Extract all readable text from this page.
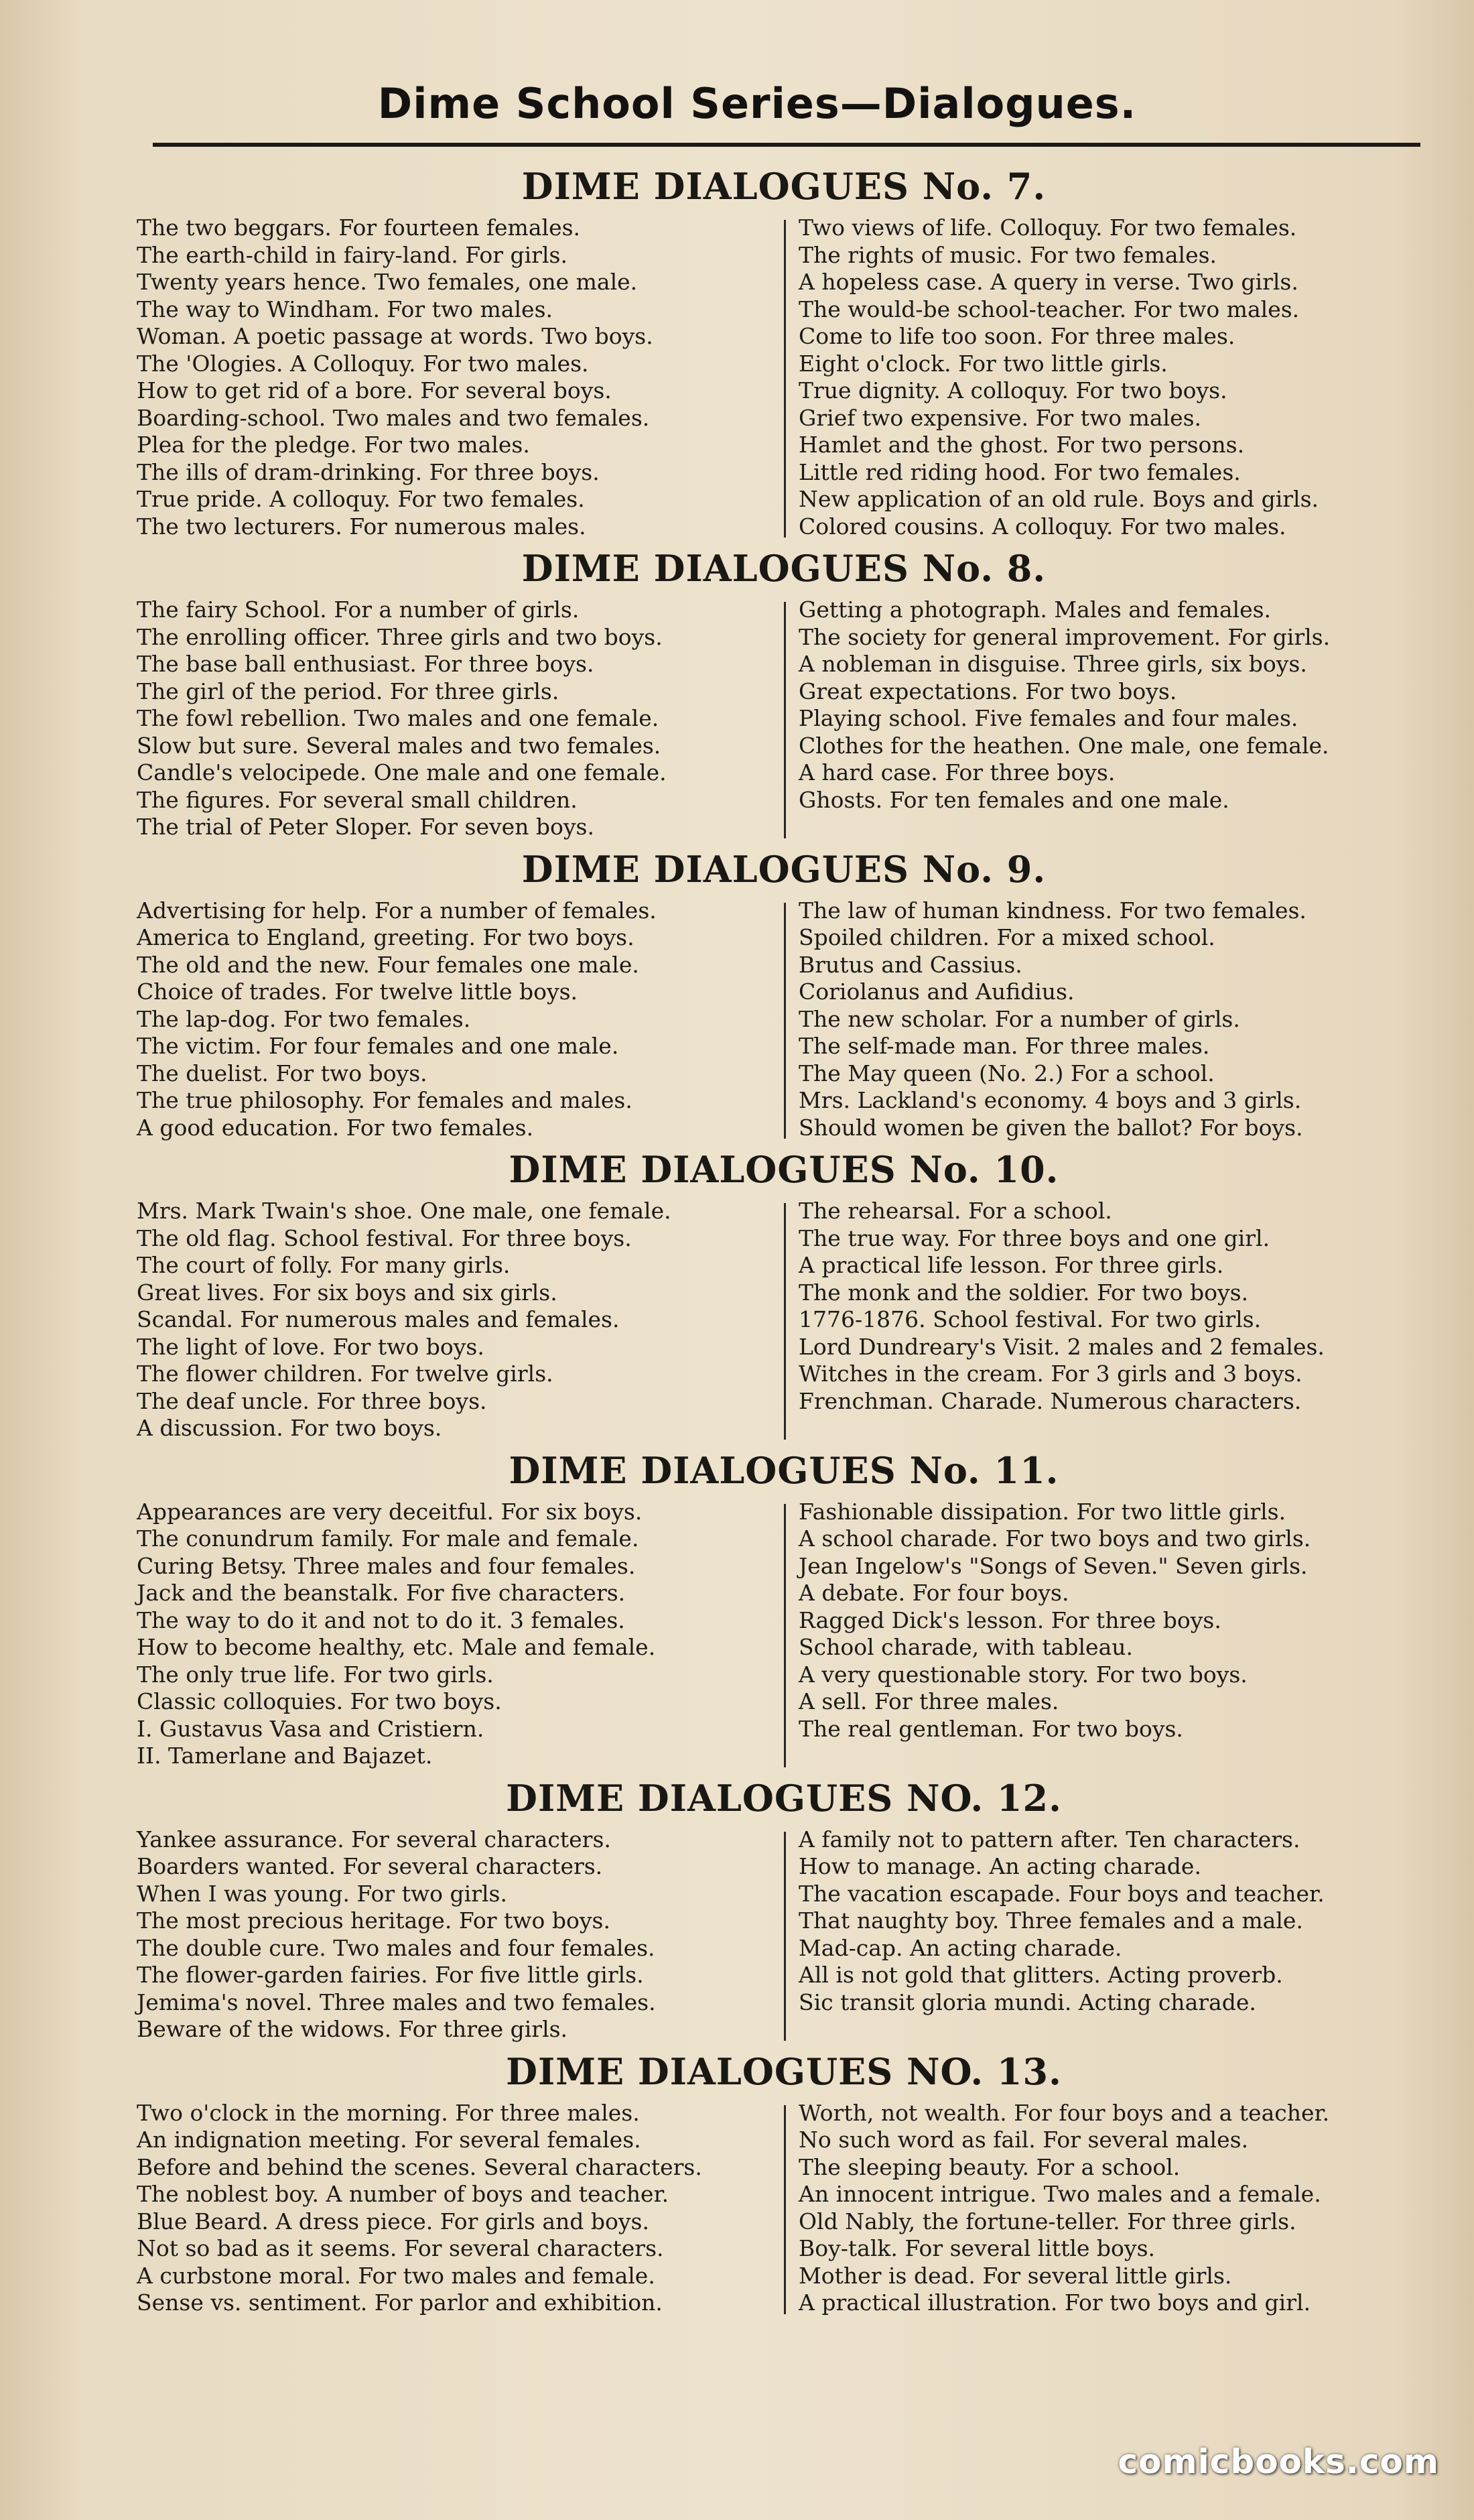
Dime School Series—Dialogues.
DIME DIALOGUES No. 7.
The two beggars. For fourteen females.
The earth-child in fairy-land. For girls.
Twenty years hence. Two females, one male.
The way to Windham. For two males.
Woman. A poetic passage at words. Two boys.
The 'Ologies. A Colloquy. For two males.
How to get rid of a bore. For several boys.
Boarding-school. Two males and two females.
Plea for the pledge. For two males.
The ills of dram-drinking. For three boys.
True pride. A colloquy. For two females.
The two lecturers. For numerous males.
Two views of life. Colloquy. For two females.
The rights of music. For two females.
A hopeless case. A query in verse. Two girls.
The would-be school-teacher. For two males.
Come to life too soon. For three males.
Eight o'clock. For two little girls.
True dignity. A colloquy. For two boys.
Grief two expensive. For two males.
Hamlet and the ghost. For two persons.
Little red riding hood. For two females.
New application of an old rule. Boys and girls.
Colored cousins. A colloquy. For two males.
DIME DIALOGUES No. 8.
The fairy School. For a number of girls.
The enrolling officer. Three girls and two boys.
The base ball enthusiast. For three boys.
The girl of the period. For three girls.
The fowl rebellion. Two males and one female.
Slow but sure. Several males and two females.
Candle's velocipede. One male and one female.
The figures. For several small children.
The trial of Peter Sloper. For seven boys.
Getting a photograph. Males and females.
The society for general improvement. For girls.
A nobleman in disguise. Three girls, six boys.
Great expectations. For two boys.
Playing school. Five females and four males.
Clothes for the heathen. One male, one female.
A hard case. For three boys.
Ghosts. For ten females and one male.
DIME DIALOGUES No. 9.
Advertising for help. For a number of females.
America to England, greeting. For two boys.
The old and the new. Four females one male.
Choice of trades. For twelve little boys.
The lap-dog. For two females.
The victim. For four females and one male.
The duelist. For two boys.
The true philosophy. For females and males.
A good education. For two females.
The law of human kindness. For two females.
Spoiled children. For a mixed school.
Brutus and Cassius.
Coriolanus and Aufidius.
The new scholar. For a number of girls.
The self-made man. For three males.
The May queen (No. 2.) For a school.
Mrs. Lackland's economy. 4 boys and 3 girls.
Should women be given the ballot? For boys.
DIME DIALOGUES No. 10.
Mrs. Mark Twain's shoe. One male, one female.
The old flag. School festival. For three boys.
The court of folly. For many girls.
Great lives. For six boys and six girls.
Scandal. For numerous males and females.
The light of love. For two boys.
The flower children. For twelve girls.
The deaf uncle. For three boys.
A discussion. For two boys.
The rehearsal. For a school.
The true way. For three boys and one girl.
A practical life lesson. For three girls.
The monk and the soldier. For two boys.
1776-1876. School festival. For two girls.
Lord Dundreary's Visit. 2 males and 2 females.
Witches in the cream. For 3 girls and 3 boys.
Frenchman. Charade. Numerous characters.
DIME DIALOGUES No. 11.
Appearances are very deceitful. For six boys.
The conundrum family. For male and female.
Curing Betsy. Three males and four females.
Jack and the beanstalk. For five characters.
The way to do it and not to do it. 3 females.
How to become healthy, etc. Male and female.
The only true life. For two girls.
Classic colloquies. For two boys.
I. Gustavus Vasa and Cristiern.
II. Tamerlane and Bajazet.
Fashionable dissipation. For two little girls.
A school charade. For two boys and two girls.
Jean Ingelow's "Songs of Seven." Seven girls.
A debate. For four boys.
Ragged Dick's lesson. For three boys.
School charade, with tableau.
A very questionable story. For two boys.
A sell. For three males.
The real gentleman. For two boys.
DIME DIALOGUES NO. 12.
Yankee assurance. For several characters.
Boarders wanted. For several characters.
When I was young. For two girls.
The most precious heritage. For two boys.
The double cure. Two males and four females.
The flower-garden fairies. For five little girls.
Jemima's novel. Three males and two females.
Beware of the widows. For three girls.
A family not to pattern after. Ten characters.
How to manage. An acting charade.
The vacation escapade. Four boys and teacher.
That naughty boy. Three females and a male.
Mad-cap. An acting charade.
All is not gold that glitters. Acting proverb.
Sic transit gloria mundi. Acting charade.
DIME DIALOGUES NO. 13.
Two o'clock in the morning. For three males.
An indignation meeting. For several females.
Before and behind the scenes. Several characters.
The noblest boy. A number of boys and teacher.
Blue Beard. A dress piece. For girls and boys.
Not so bad as it seems. For several characters.
A curbstone moral. For two males and female.
Sense vs. sentiment. For parlor and exhibition.
Worth, not wealth. For four boys and a teacher.
No such word as fail. For several males.
The sleeping beauty. For a school.
An innocent intrigue. Two males and a female.
Old Nably, the fortune-teller. For three girls.
Boy-talk. For several little boys.
Mother is dead. For several little girls.
A practical illustration. For two boys and girl.
comicbooks.com
